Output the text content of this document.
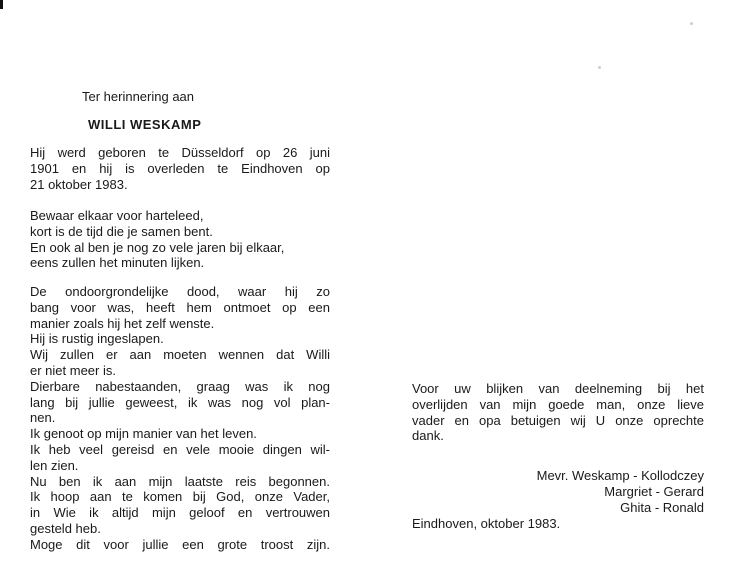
Ter herinnering aan
WILLI WESKAMP
Hij werd geboren te Düsseldorf op 26 juni
1901 en hij is overleden te Eindhoven op
21 oktober 1983.
Bewaar elkaar voor harteleed,
kort is de tijd die je samen bent.
En ook al ben je nog zo vele jaren bij elkaar,
eens zullen het minuten lijken.
De ondoorgrondelijke dood, waar hij zo
bang voor was, heeft hem ontmoet op een
manier zoals hij het zelf wenste.
Hij is rustig ingeslapen.
Wij zullen er aan moeten wennen dat Willi
er niet meer is.
Dierbare nabestaanden, graag was ik nog
lang bij jullie geweest, ik was nog vol plan-
nen.
Ik genoot op mijn manier van het leven.
Ik heb veel gereisd en vele mooie dingen wil-
len zien.
Nu ben ik aan mijn laatste reis begonnen.
Ik hoop aan te komen bij God, onze Vader,
in Wie ik altijd mijn geloof en vertrouwen
gesteld heb.
Moge dit voor jullie een grote troost zijn.
Voor uw blijken van deelneming bij het
overlijden van mijn goede man, onze lieve
vader en opa betuigen wij U onze oprechte
dank.
Mevr. Weskamp - Kollodczey
Margriet - Gerard
Ghita - Ronald
Eindhoven, oktober 1983.
